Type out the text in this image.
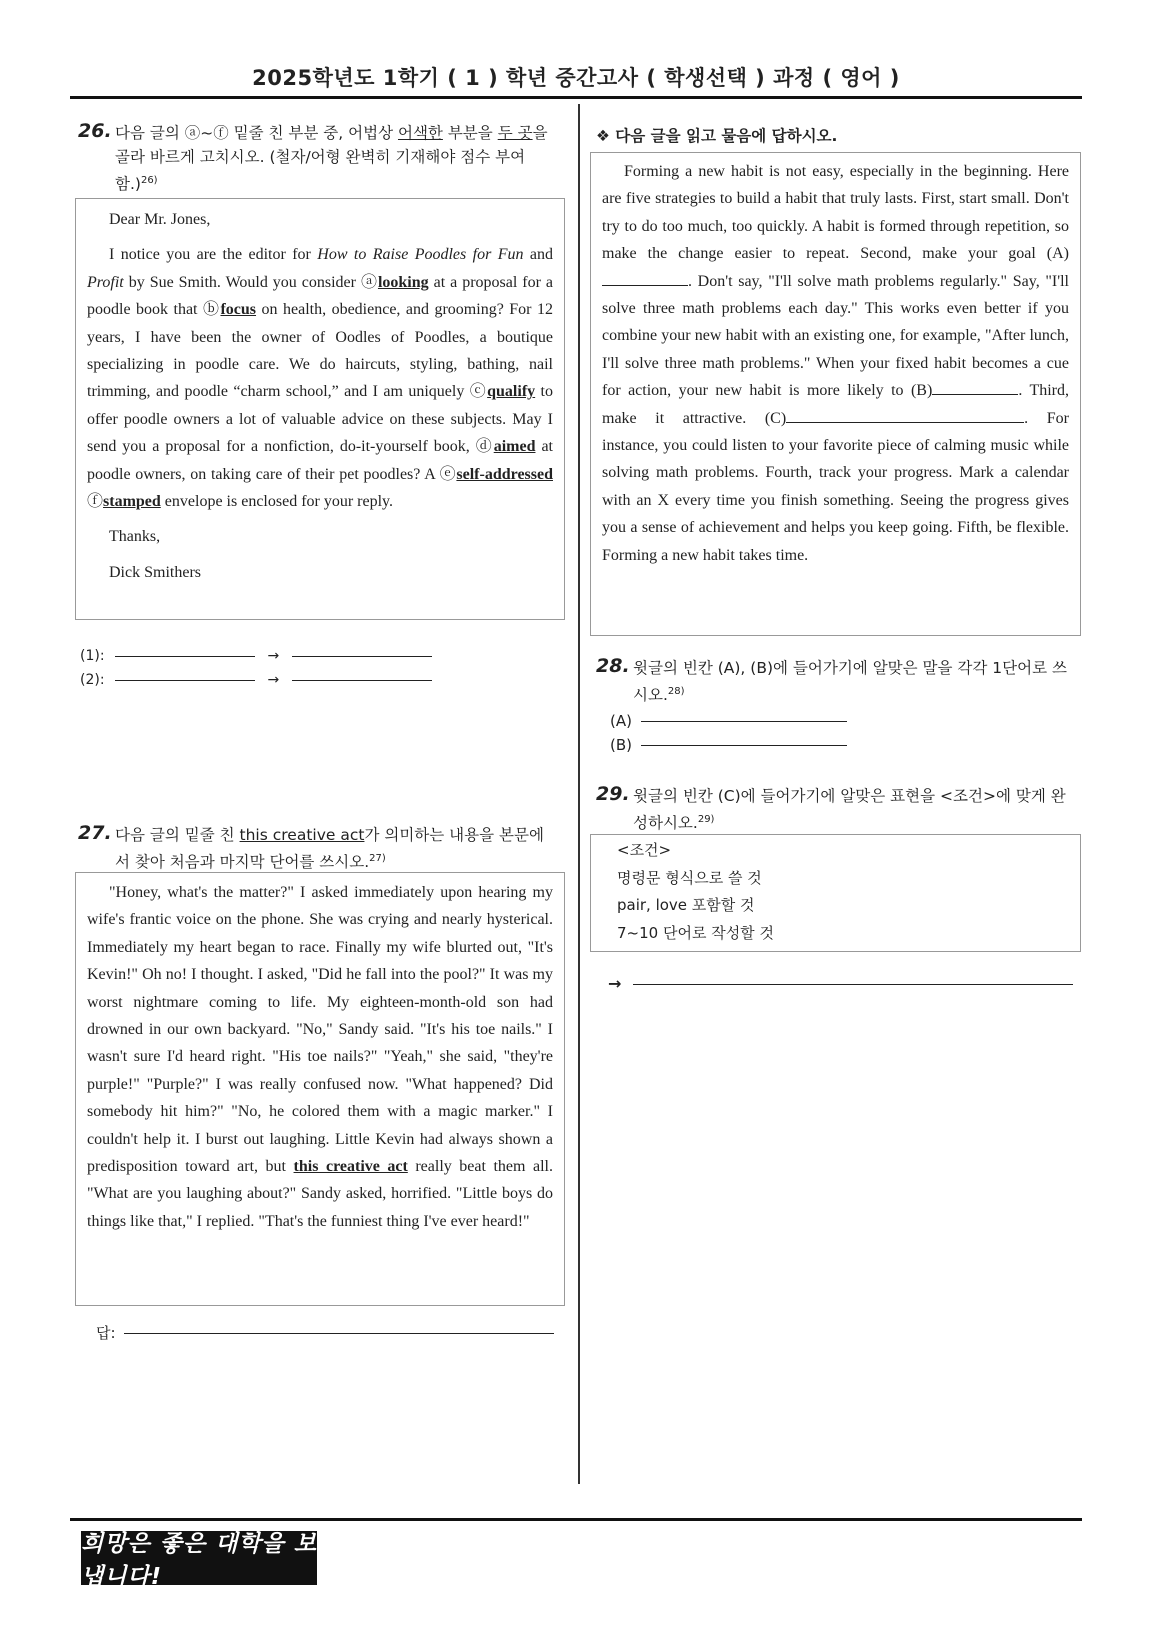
2025학년도 1학기 ( 1 ) 학년 중간고사 ( 학생선택 ) 과정 ( 영어 )
26. 다음 글의 ⓐ~ⓕ 밑줄 친 부분 중, 어법상 어색한 부분을 두 곳을 골라 바르게 고치시오. (철자/어형 완벽히 기재해야 점수 부여함.)$^{26)}$

Dear Mr. Jones,

I notice you are the editor for How to Raise Poodles for Fun and Profit by Sue Smith. Would you consider ⓐlooking at a proposal for a poodle book that ⓑfocus on health, obedience, and grooming? For 12 years, I have been the owner of Oodles of Poodles, a boutique specializing in poodle care. We do haircuts, styling, bathing, nail trimming, and poodle “charm school,” and I am uniquely ⓒqualify to offer poodle owners a lot of valuable advice on these subjects. May I send you a proposal for a nonfiction, do-it-yourself book, ⓓaimed at poodle owners, on taking care of their pet poodles? A ⓔself-addressed ⓕstamped envelope is enclosed for your reply.

Thanks,

Dick Smithers

(1):	→
(2):	→
27. 다음 글의 밑줄 친 this creative act가 의미하는 내용을 본문에서 찾아 처음과 마지막 단어를 쓰시오.$^{27)}$

"Honey, what's the matter?" I asked immediately upon hearing my wife's frantic voice on the phone. She was crying and nearly hysterical. Immediately my heart began to race. Finally my wife blurted out, "It's Kevin!" Oh no! I thought. I asked, "Did he fall into the pool?" It was my worst nightmare coming to life. My eighteen-month-old son had drowned in our own backyard. "No," Sandy said. "It's his toe nails." I wasn't sure I'd heard right. "His toe nails?" "Yeah," she said, "they're purple!" "Purple?" I was really confused now. "What happened? Did somebody hit him?" "No, he colored them with a magic marker." I couldn't help it. I burst out laughing. Little Kevin had always shown a predisposition toward art, but this creative act really beat them all. "What are you laughing about?" Sandy asked, horrified. "Little boys do things like that," I replied. "That's the funniest thing I've ever heard!"

답:
❖ 다음 글을 읽고 물음에 답하시오.

Forming a new habit is not easy, especially in the beginning. Here are five strategies to build a habit that truly lasts. First, start small. Don't try to do too much, too quickly. A habit is formed through repetition, so make the change easier to repeat. Second, make your goal (A). Don't say, "I'll solve math problems regularly." Say, "I'll solve three math problems each day." This works even better if you combine your new habit with an existing one, for example, "After lunch, I'll solve three math problems." When your fixed habit becomes a cue for action, your new habit is more likely to (B)	. Third, make it attractive. (C)	. For instance, you could listen to your favorite piece of calming music while solving math problems. Fourth, track your progress. Mark a calendar with an X every time you finish something. Seeing the progress gives you a sense of achievement and helps you keep going. Fifth, be flexible. Forming a new habit takes time.

28. 윗글의 빈칸 (A), (B)에 들어가기에 알맞은 말을 각각 1단어로 쓰시오.$^{28)}$
(A)
(B)
29. 윗글의 빈칸 (C)에 들어가기에 알맞은 표현을 <조건>에 맞게 완성하시오.$^{29)}$
<조건>
명령문 형식으로 쓸 것
pair, love 포함할 것
7~10 단어로 작성할 것
→
희망은 좋은 대학을 보냅니다!
